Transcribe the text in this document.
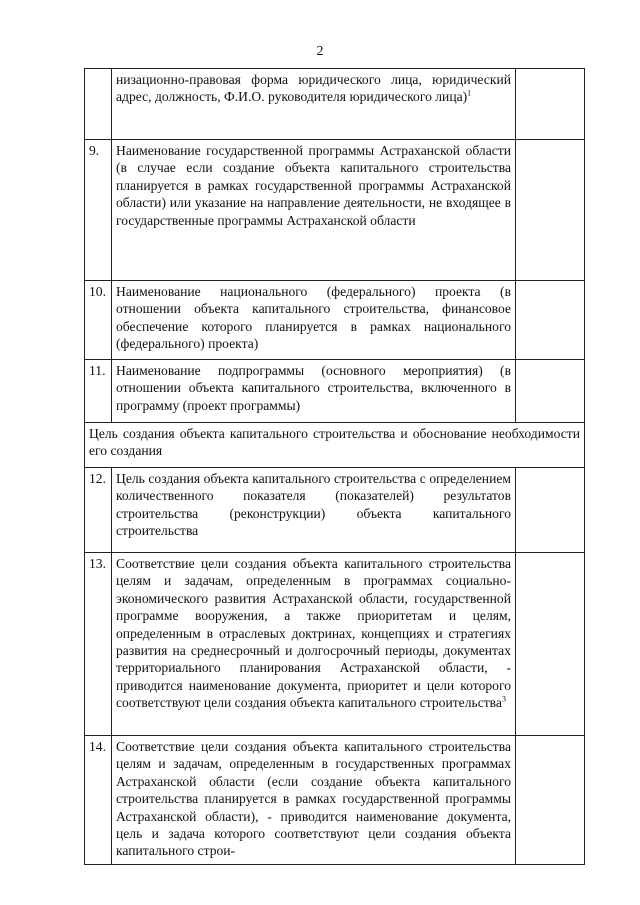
2
	низационно-правовая форма юридического лица, юридический адрес, должность, Ф.И.О. руководителя юридического лица)$^1$	
9.	Наименование государственной программы Астраханской области (в случае если создание объекта капитального строительства планируется в рамках государственной программы Астраханской области) или указание на направление деятельности, не входящее в государственные программы Астраханской области	
10.	Наименование национального (федерального) проекта (в отношении объекта капитального строительства, финансовое обеспечение которого планируется в рамках национального (федерального) проекта)	
11.	Наименование подпрограммы (основного мероприятия) (в отношении объекта капитального строительства, включенного в программу (проект программы)	
Цель создания объекта капитального строительства и обоснование необходимости его создания		
12.	Цель создания объекта капитального строительства с определением количественного показателя (показателей) результатов строительства (реконструкции) объекта капитального строительства	
13.	Соответствие цели создания объекта капитального строительства целям и задачам, определенным в программах социально-экономического развития Астраханской области, государственной программе вооружения, а также приоритетам и целям, определенным в отраслевых доктринах, концепциях и стратегиях развития на среднесрочный и долгосрочный периоды, документах территориального планирования Астраханской области, - приводится наименование документа, приоритет и цели которого соответствуют цели создания объекта капитального строительства$^3$	
14.	Соответствие цели создания объекта капитального строительства целям и задачам, определенным в государственных программах Астраханской области (если создание объекта капитального строительства планируется в рамках государственной программы Астраханской области), - приводится наименование документа, цель и задача которого соответствуют цели создания объекта капитального строи-	
